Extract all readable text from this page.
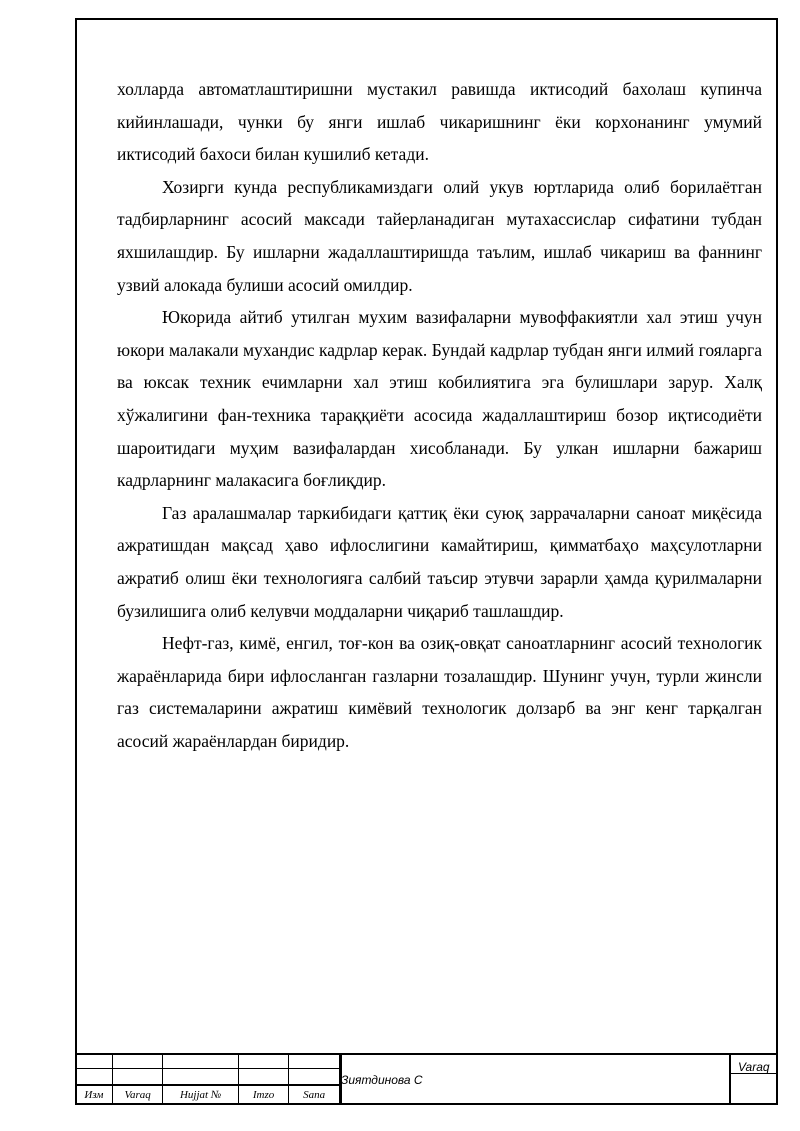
холларда автоматлаштиришни мустакил равишда иктисодий бахолаш купинча кийинлашади, чунки бу янги ишлаб чикаришнинг ёки корхонанинг умумий иктисодий бахоси билан кушилиб кетади.

Хозирги кунда республикамиздаги олий укув юртларида олиб борилаётган тадбирларнинг асосий максади тайерланадиган мутахассислар сифатини тубдан яхшилашдир. Бу ишларни жадаллаштиришда таълим, ишлаб чикариш ва фаннинг узвий алокада булиши асосий омилдир.

Юкорида айтиб утилган мухим вазифаларни мувоффакиятли хал этиш учун юкори малакали мухандис кадрлар керак. Бундай кадрлар тубдан янги илмий гояларга ва юксак техник ечимларни хал этиш кобилиятига эга булишлари зарур. Халқ хўжалигини фан-техника тараққиёти асосида жадаллаштириш бозор иқтисодиёти шароитидаги муҳим вазифалардан хисобланади. Бу улкан ишларни бажариш кадрларнинг малакасига боғлиқдир.

Газ аралашмалар таркибидаги қаттиқ ёки суюқ заррачаларни саноат миқёсида ажратишдан мақсад ҳаво ифлослигини камайтириш, қимматбаҳо маҳсулотларни ажратиб олиш ёки технологияга салбий таъсир этувчи зарарли ҳамда қурилмаларни бузилишига олиб келувчи моддаларни чиқариб ташлашдир.

Нефт-газ, кимё, енгил, тоғ-кон ва озиқ-овқат саноатларнинг асосий технологик жараёнларида бири ифлосланган газларни тозалашдир. Шунинг учун, турли жинсли газ системаларини ажратиш кимёвий технологик долзарб ва энг кенг тарқалган асосий жараёнлардан биридир.

Изм	Varaq	Hujjat №	Imzo	Sana
Зиятдинова С
Varaq
